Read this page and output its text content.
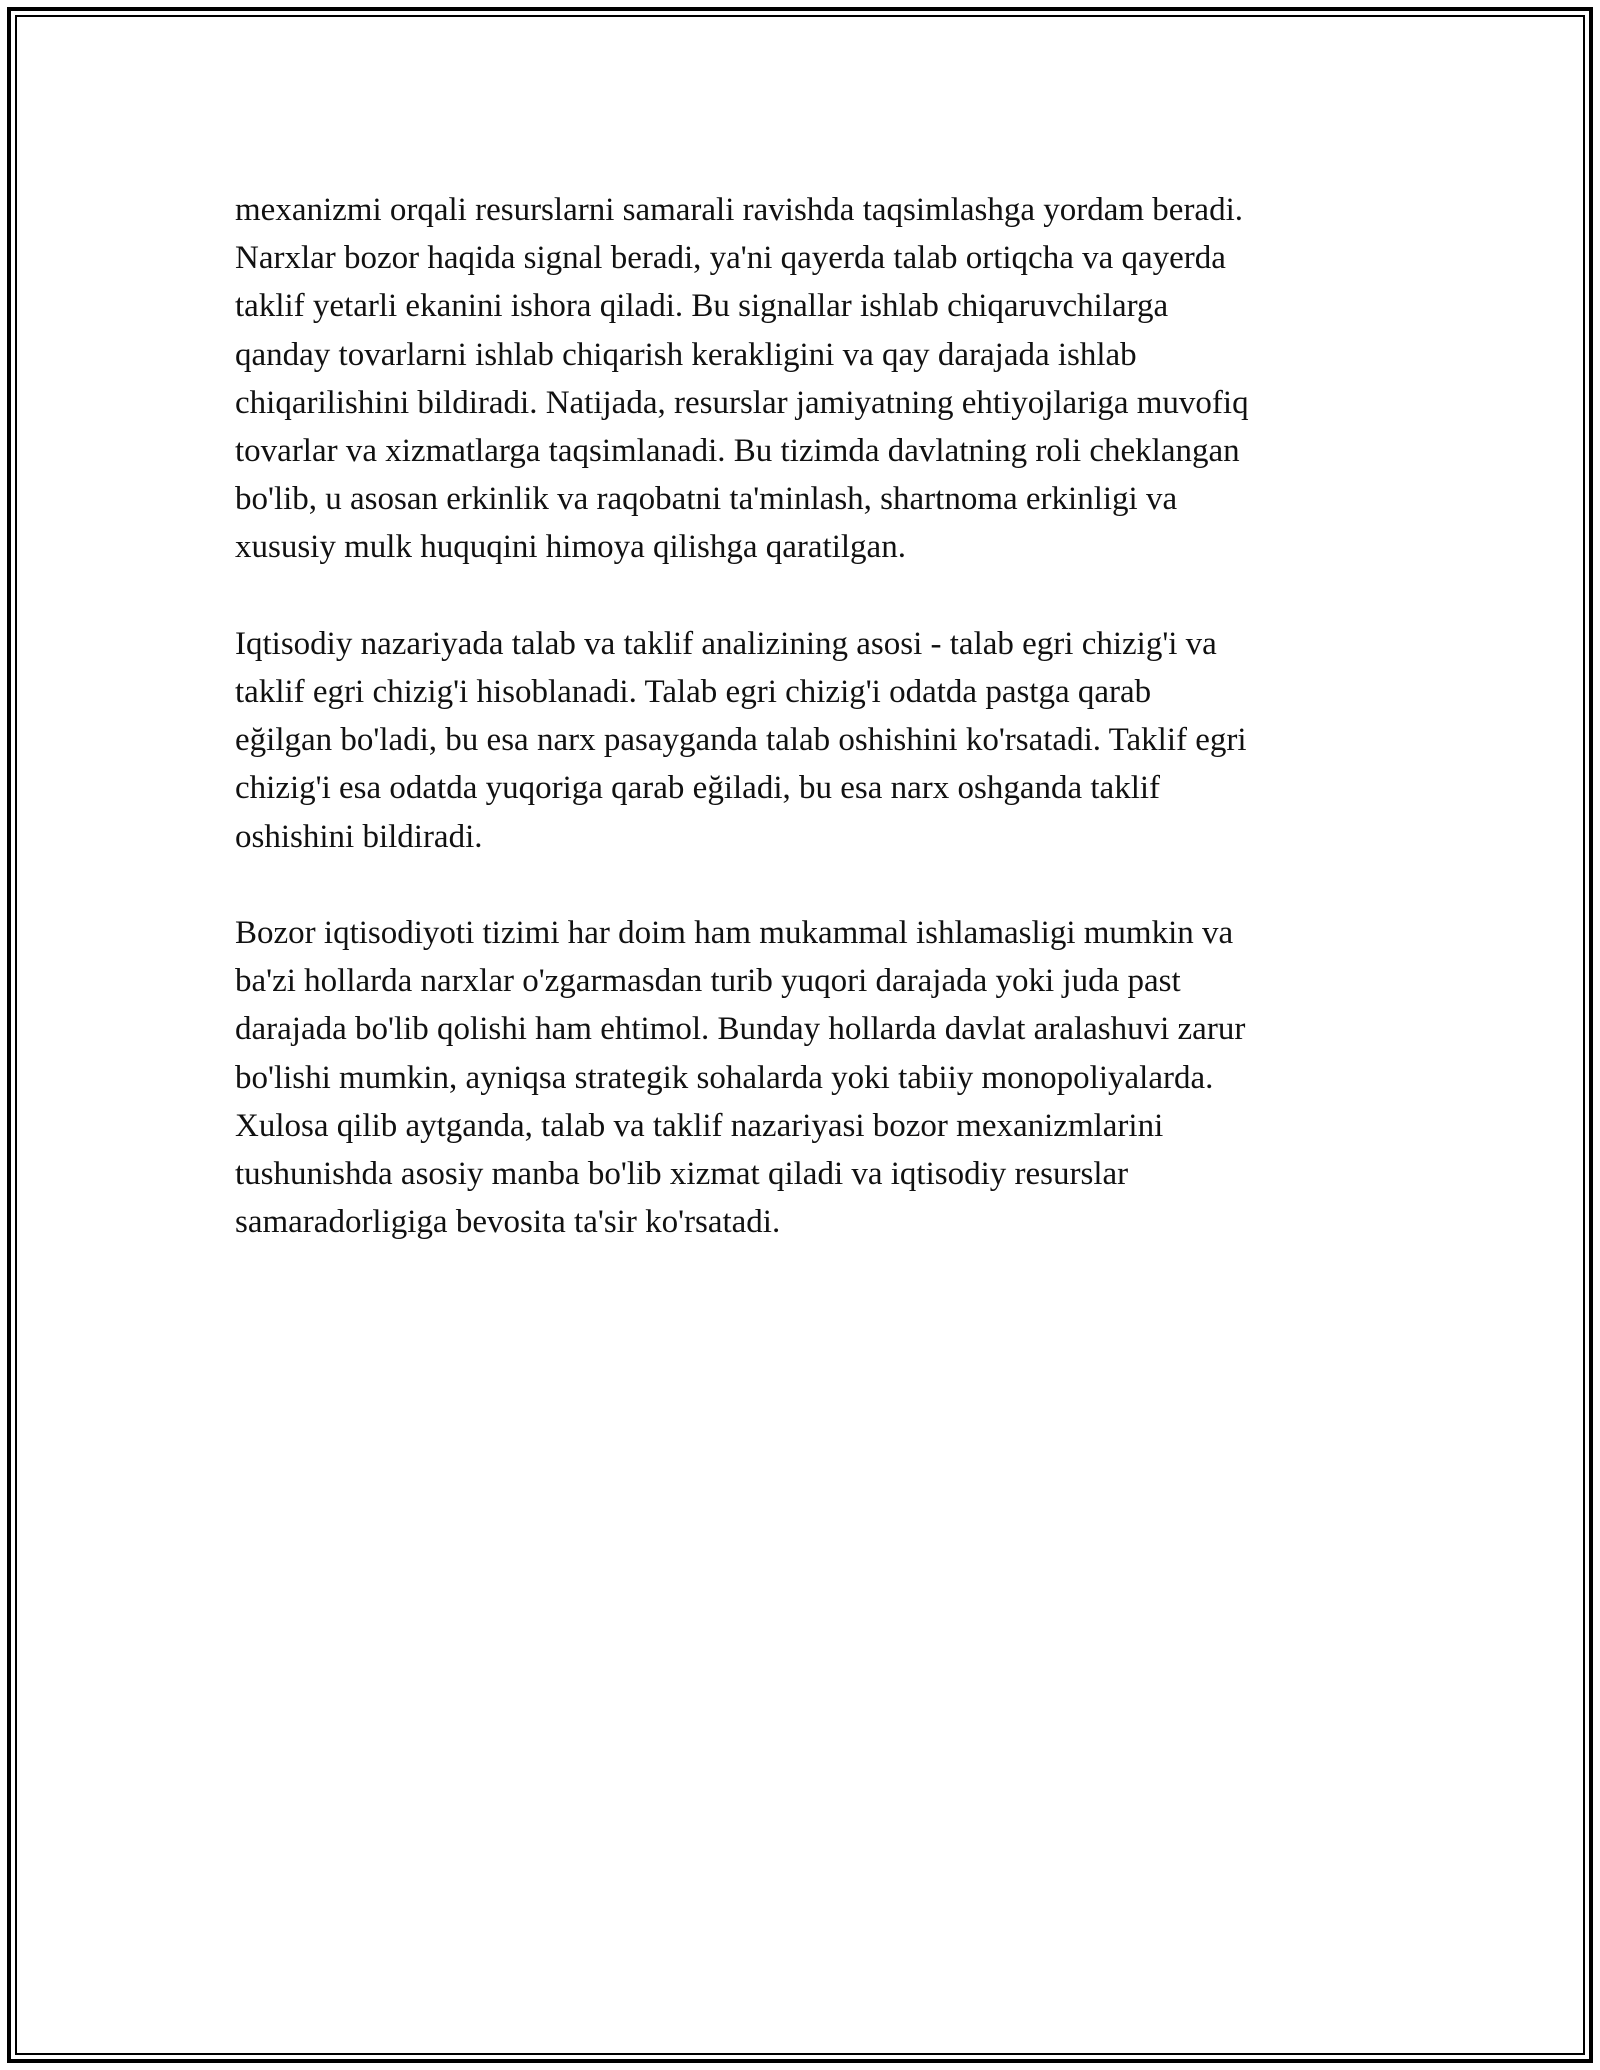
mexanizmi orqali resurslarni samarali ravishda taqsimlashga yordam beradi.
Narxlar bozor haqida signal beradi, ya'ni qayerda talab ortiqcha va qayerda
taklif yetarli ekanini ishora qiladi. Bu signallar ishlab chiqaruvchilarga
qanday tovarlarni ishlab chiqarish kerakligini va qay darajada ishlab
chiqarilishini bildiradi. Natijada, resurslar jamiyatning ehtiyojlariga muvofiq
tovarlar va xizmatlarga taqsimlanadi. Bu tizimda davlatning roli cheklangan
bo'lib, u asosan erkinlik va raqobatni ta'minlash, shartnoma erkinligi va
xususiy mulk huquqini himoya qilishga qaratilgan.

Iqtisodiy nazariyada talab va taklif analizining asosi - talab egri chizig'i va
taklif egri chizig'i hisoblanadi. Talab egri chizig'i odatda pastga qarab
eğilgan bo'ladi, bu esa narx pasayganda talab oshishini ko'rsatadi. Taklif egri
chizig'i esa odatda yuqoriga qarab eğiladi, bu esa narx oshganda taklif
oshishini bildiradi.

Bozor iqtisodiyoti tizimi har doim ham mukammal ishlamasligi mumkin va
ba'zi hollarda narxlar o'zgarmasdan turib yuqori darajada yoki juda past
darajada bo'lib qolishi ham ehtimol. Bunday hollarda davlat aralashuvi zarur
bo'lishi mumkin, ayniqsa strategik sohalarda yoki tabiiy monopoliyalarda.
Xulosa qilib aytganda, talab va taklif nazariyasi bozor mexanizmlarini
tushunishda asosiy manba bo'lib xizmat qiladi va iqtisodiy resurslar
samaradorligiga bevosita ta'sir ko'rsatadi.
